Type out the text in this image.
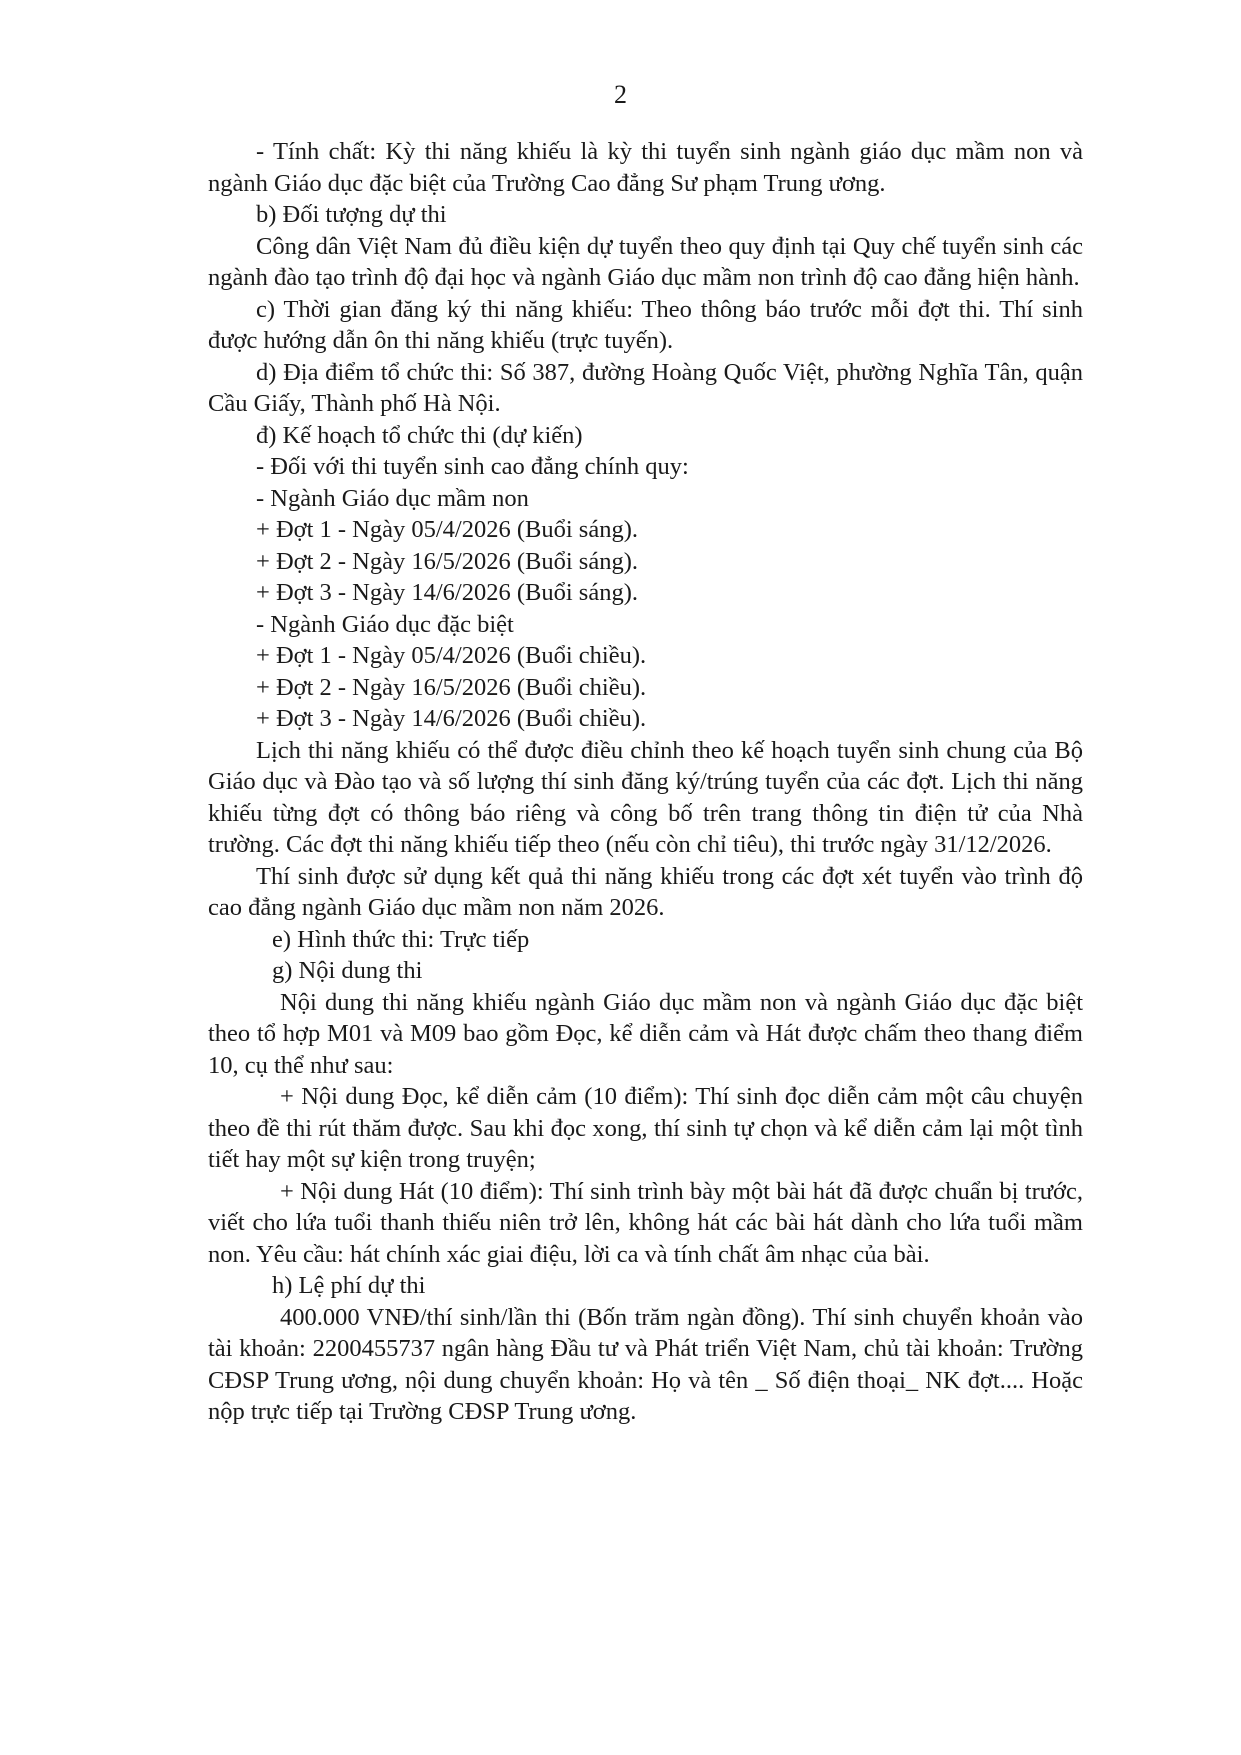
2

- Tính chất: Kỳ thi năng khiếu là kỳ thi tuyển sinh ngành giáo dục mầm non và ngành Giáo dục đặc biệt của Trường Cao đẳng Sư phạm Trung ương.

b) Đối tượng dự thi

Công dân Việt Nam đủ điều kiện dự tuyển theo quy định tại Quy chế tuyển sinh các ngành đào tạo trình độ đại học và ngành Giáo dục mầm non trình độ cao đẳng hiện hành.

c) Thời gian đăng ký thi năng khiếu: Theo thông báo trước mỗi đợt thi. Thí sinh được hướng dẫn ôn thi năng khiếu (trực tuyến).

d) Địa điểm tổ chức thi: Số 387, đường Hoàng Quốc Việt, phường Nghĩa Tân, quận Cầu Giấy, Thành phố Hà Nội.

đ) Kế hoạch tổ chức thi (dự kiến)

- Đối với thi tuyển sinh cao đẳng chính quy:

- Ngành Giáo dục mầm non

+ Đợt 1 - Ngày 05/4/2026 (Buổi sáng).

+ Đợt 2 - Ngày 16/5/2026 (Buổi sáng).

+ Đợt 3 - Ngày 14/6/2026 (Buổi sáng).

- Ngành Giáo dục đặc biệt

+ Đợt 1 - Ngày 05/4/2026 (Buổi chiều).

+ Đợt 2 - Ngày 16/5/2026 (Buổi chiều).

+ Đợt 3 - Ngày 14/6/2026 (Buổi chiều).

Lịch thi năng khiếu có thể được điều chỉnh theo kế hoạch tuyển sinh chung của Bộ Giáo dục và Đào tạo và số lượng thí sinh đăng ký/trúng tuyển của các đợt. Lịch thi năng khiếu từng đợt có thông báo riêng và công bố trên trang thông tin điện tử của Nhà trường. Các đợt thi năng khiếu tiếp theo (nếu còn chỉ tiêu), thi trước ngày 31/12/2026.

Thí sinh được sử dụng kết quả thi năng khiếu trong các đợt xét tuyển vào trình độ cao đẳng ngành Giáo dục mầm non năm 2026.

e) Hình thức thi: Trực tiếp

g) Nội dung thi

Nội dung thi năng khiếu ngành Giáo dục mầm non và ngành Giáo dục đặc biệt theo tổ hợp M01 và M09 bao gồm Đọc, kể diễn cảm và Hát được chấm theo thang điểm 10, cụ thể như sau:

+ Nội dung Đọc, kể diễn cảm (10 điểm): Thí sinh đọc diễn cảm một câu chuyện theo đề thi rút thăm được. Sau khi đọc xong, thí sinh tự chọn và kể diễn cảm lại một tình tiết hay một sự kiện trong truyện;

+ Nội dung Hát (10 điểm): Thí sinh trình bày một bài hát đã được chuẩn bị trước, viết cho lứa tuổi thanh thiếu niên trở lên, không hát các bài hát dành cho lứa tuổi mầm non. Yêu cầu: hát chính xác giai điệu, lời ca và tính chất âm nhạc của bài.

h) Lệ phí dự thi

400.000 VNĐ/thí sinh/lần thi (Bốn trăm ngàn đồng). Thí sinh chuyển khoản vào tài khoản: 2200455737 ngân hàng Đầu tư và Phát triển Việt Nam, chủ tài khoản: Trường CĐSP Trung ương, nội dung chuyển khoản: Họ và tên _ Số điện thoại_ NK đợt.... Hoặc nộp trực tiếp tại Trường CĐSP Trung ương.
